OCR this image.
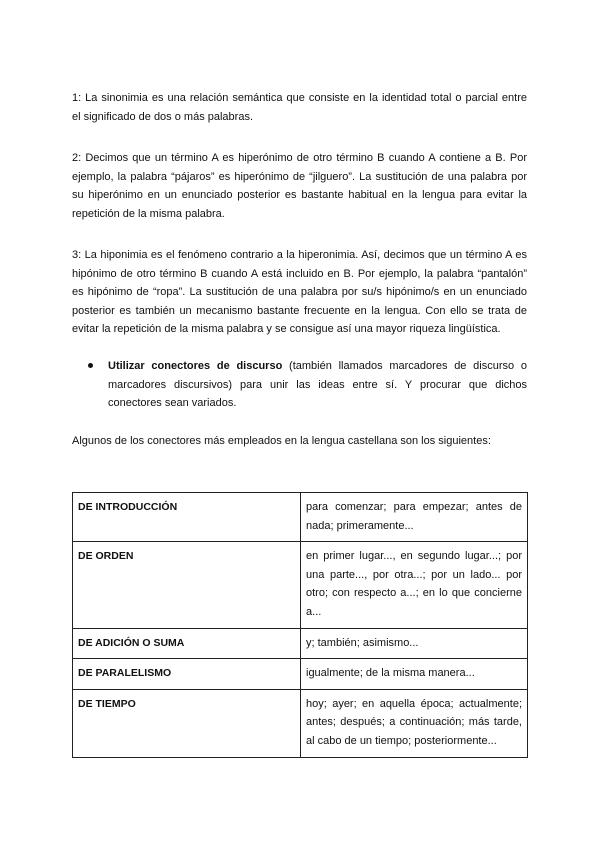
1: La sinonimia es una relación semántica que consiste en la identidad total o parcial entre
el significado de dos o más palabras.
2: Decimos que un término A es hiperónimo de otro término B cuando A contiene a B. Por
ejemplo, la palabra “pájaros” es hiperónimo de “jilguero”. La sustitución de una palabra por
su hiperónimo en un enunciado posterior es bastante habitual en la lengua para evitar la
repetición de la misma palabra.
3: La hiponimia es el fenómeno contrario a la hiperonimia. Así, decimos que un término A es
hipónimo de otro término B cuando A está incluido en B. Por ejemplo, la palabra “pantalón”
es hipónimo de “ropa”. La sustitución de una palabra por su/s hipónimo/s en un enunciado
posterior es también un mecanismo bastante frecuente en la lengua. Con ello se trata de
evitar la repetición de la misma palabra y se consigue así una mayor riqueza lingüística.
Utilizar conectores de discurso (también llamados marcadores de discurso o
marcadores discursivos) para unir las ideas entre sí. Y procurar que dichos
conectores sean variados.
Algunos de los conectores más empleados en la lengua castellana son los siguientes:
DE INTRODUCCIÓN	para comenzar; para empezar; antes de nada; primeramente...
DE ORDEN	en primer lugar..., en segundo lugar...; por una parte..., por otra...; por un lado... por otro; con respecto a...; en lo que concierne a...
DE ADICIÓN O SUMA	y; también; asimismo...
DE PARALELISMO	igualmente; de la misma manera...
DE TIEMPO	hoy; ayer; en aquella época; actualmente; antes; después; a continuación; más tarde, al cabo de un tiempo; posteriormente...
